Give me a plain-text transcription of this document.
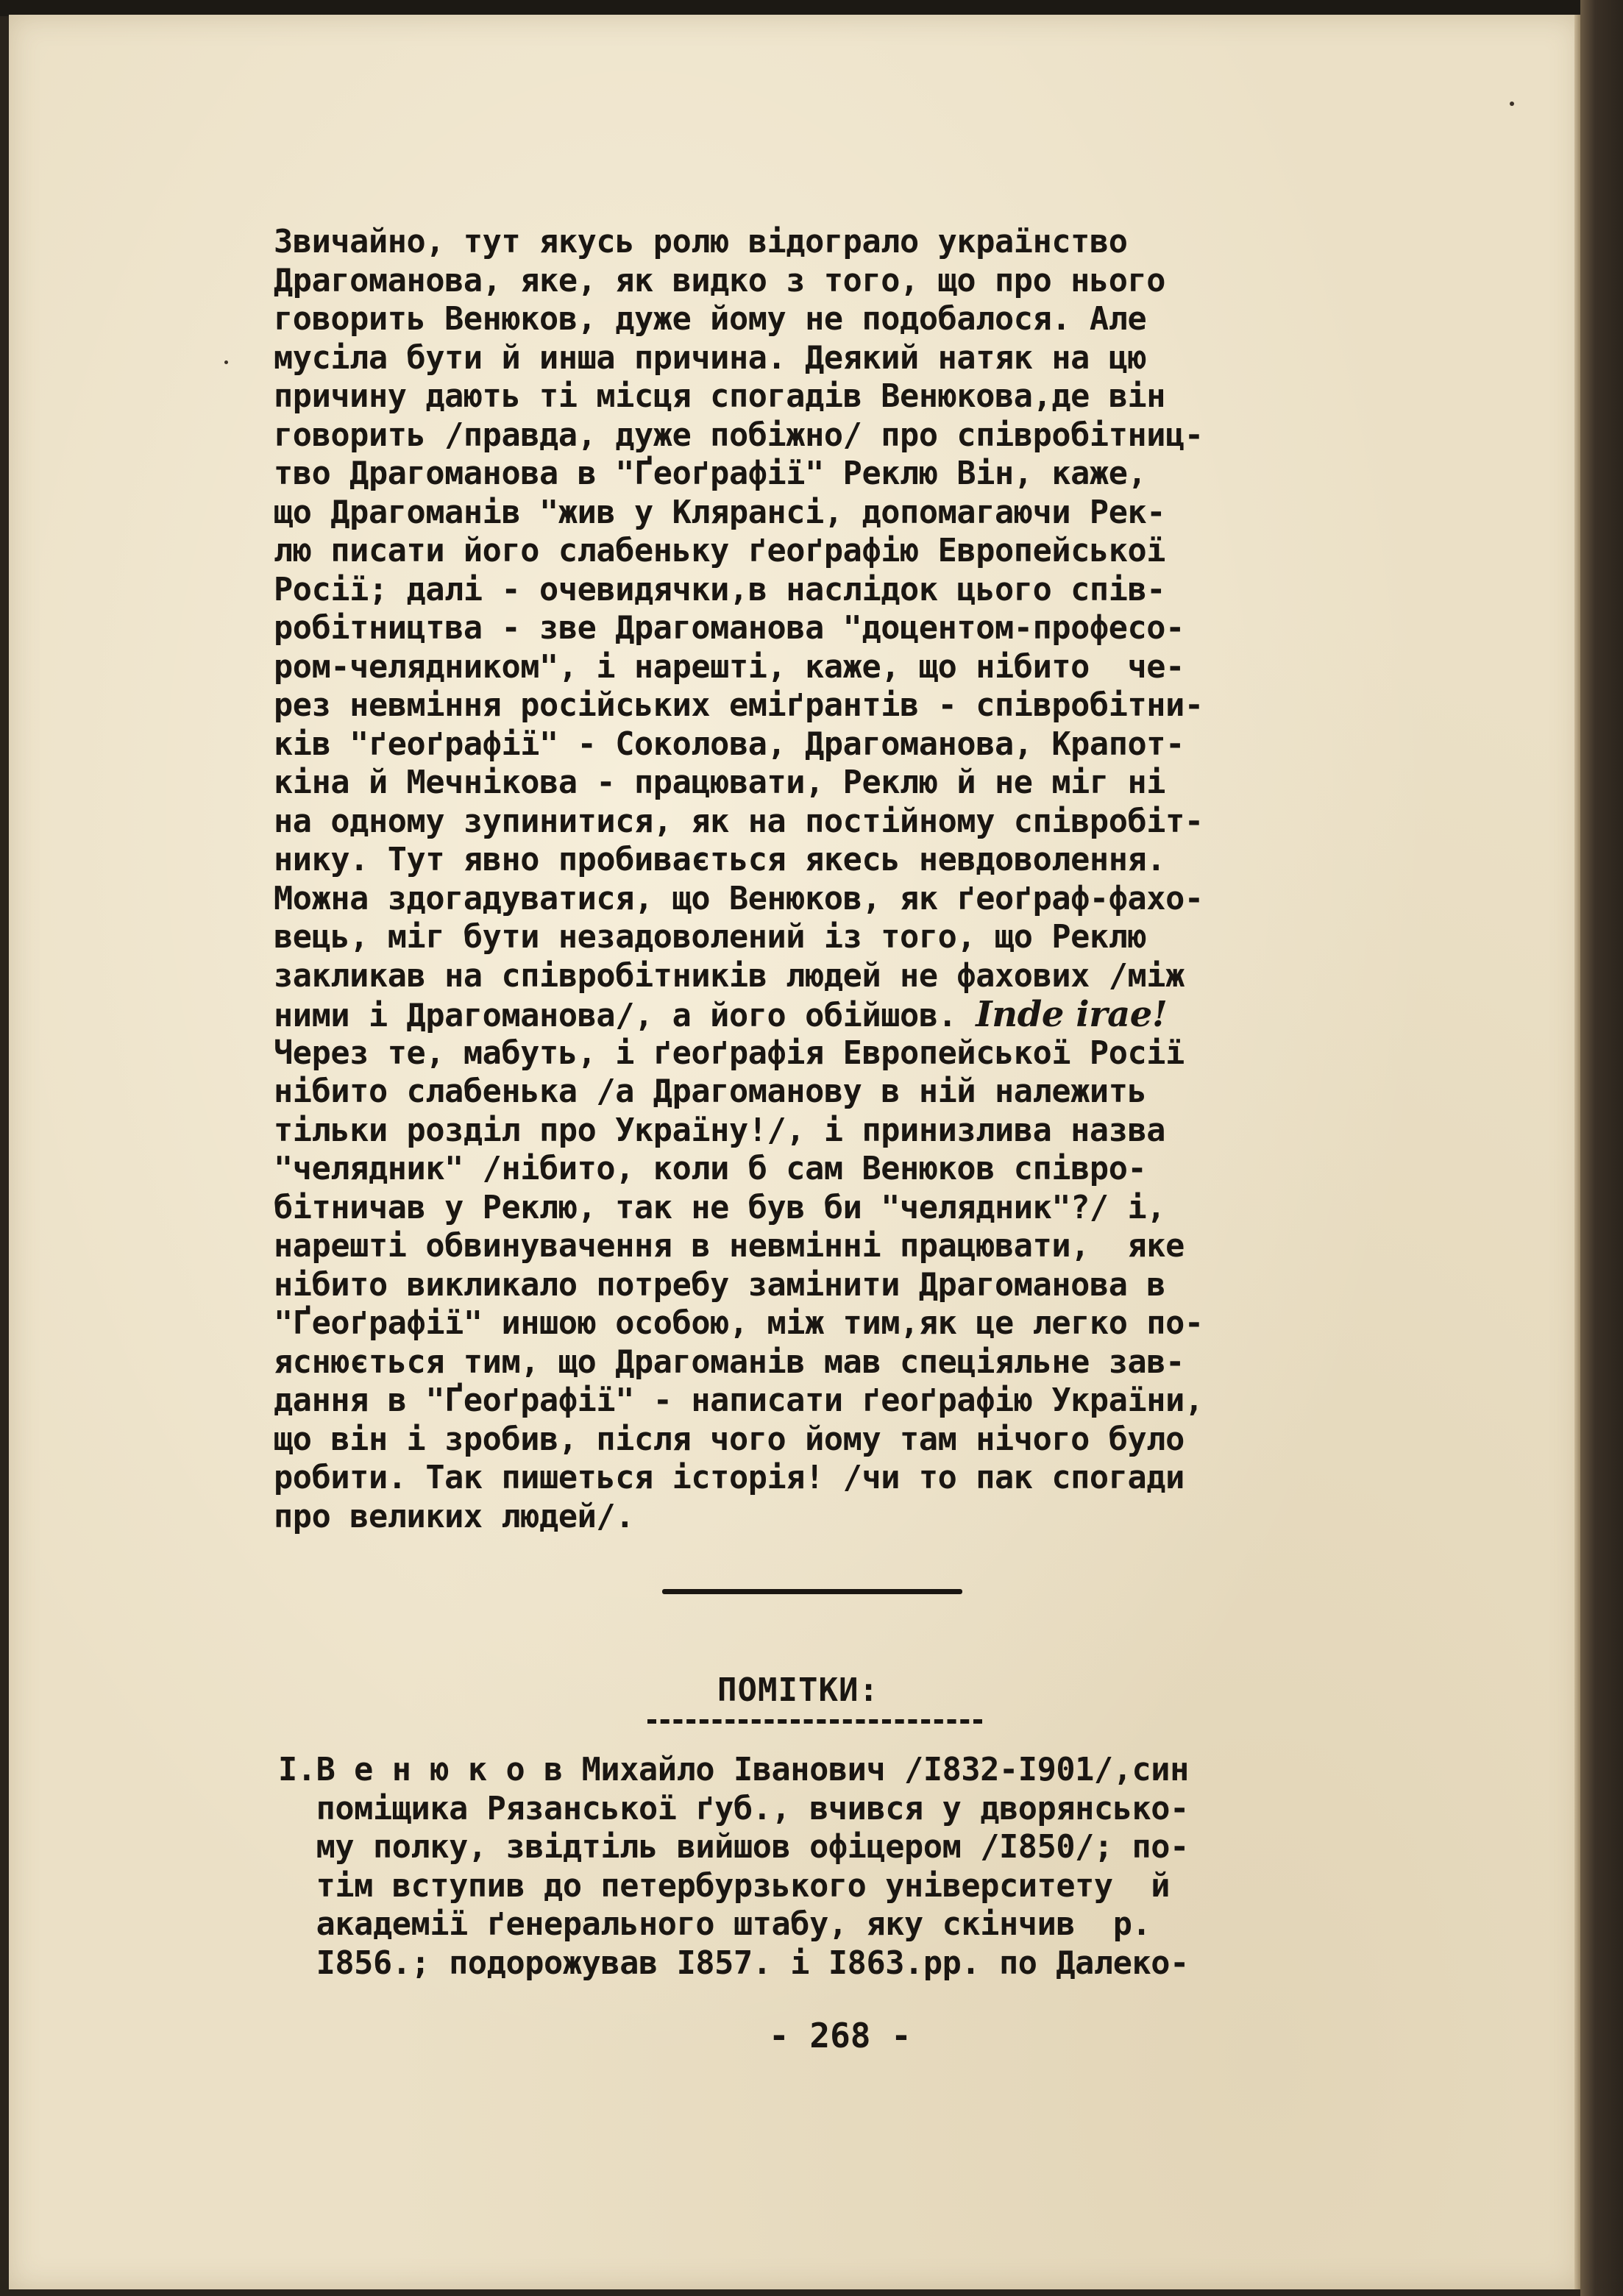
Звичайно, тут якусь ролю відограло українство
Драгоманова, яке, як видко з того, що про нього
говорить Венюков, дуже йому не подобалося. Але
мусіла бути й инша причина. Деякий натяк на цю
причину дають ті місця спогадів Венюкова,де він
говорить /правда, дуже побіжно/ про співробітниц-
тво Драгоманова в "Ґеоґрафії" Реклю Він, каже,
що Драгоманів "жив у Клярансі, допомагаючи Рек-
лю писати його слабеньку ґеоґрафію Европейської
Росії; далі - очевидячки,в наслідок цього спів-
робітництва - зве Драгоманова "доцентом-професо-
ром-челядником", і нарешті, каже, що нібито  че-
рез невміння російських еміґрантів - співробітни-
ків "ґеоґрафії" - Соколова, Драгоманова, Крапот-
кіна й Мечнікова - працювати, Реклю й не міг ні
на одному зупинитися, як на постійному співробіт-
нику. Тут явно пробивається якесь невдоволення.
Можна здогадуватися, що Венюков, як ґеоґраф-фахо-
вець, міг бути незадоволений із того, що Реклю
закликав на співробітників людей не фахових /між
ними і Драгоманова/, а його обійшов. Inde irae!
Через те, мабуть, і ґеоґрафія Европейської Росії
нібито слабенька /а Драгоманову в ній належить
тільки розділ про Україну!/, і принизлива назва
"челядник" /нібито, коли б сам Венюков співро-
бітничав у Реклю, так не був би "челядник"?/ і,
нарешті обвинувачення в невмінні працювати,  яке
нібито викликало потребу замінити Драгоманова в
"Ґеоґрафії" иншою особою, між тим,як це легко по-
яснюється тим, що Драгоманів мав спеціяльне зав-
дання в "Ґеоґрафії" - написати ґеоґрафію України,
що він і зробив, після чого йому там нічого було
робити. Так пишеться історія! /чи то пак спогади
про великих людей/.
ПОМІТКИ:
I.В е н ю к о в Михайло Іванович /I832-I901/,син
поміщика Рязанської ґуб., вчився у дворянсько-
му полку, звідтіль вийшов офіцером /I850/; по-
тім вступив до петербурзького університету  й
академії ґенерального штабу, яку скінчив  р.
I856.; подорожував I857. і I863.рр. по Далеко-
- 268 -
